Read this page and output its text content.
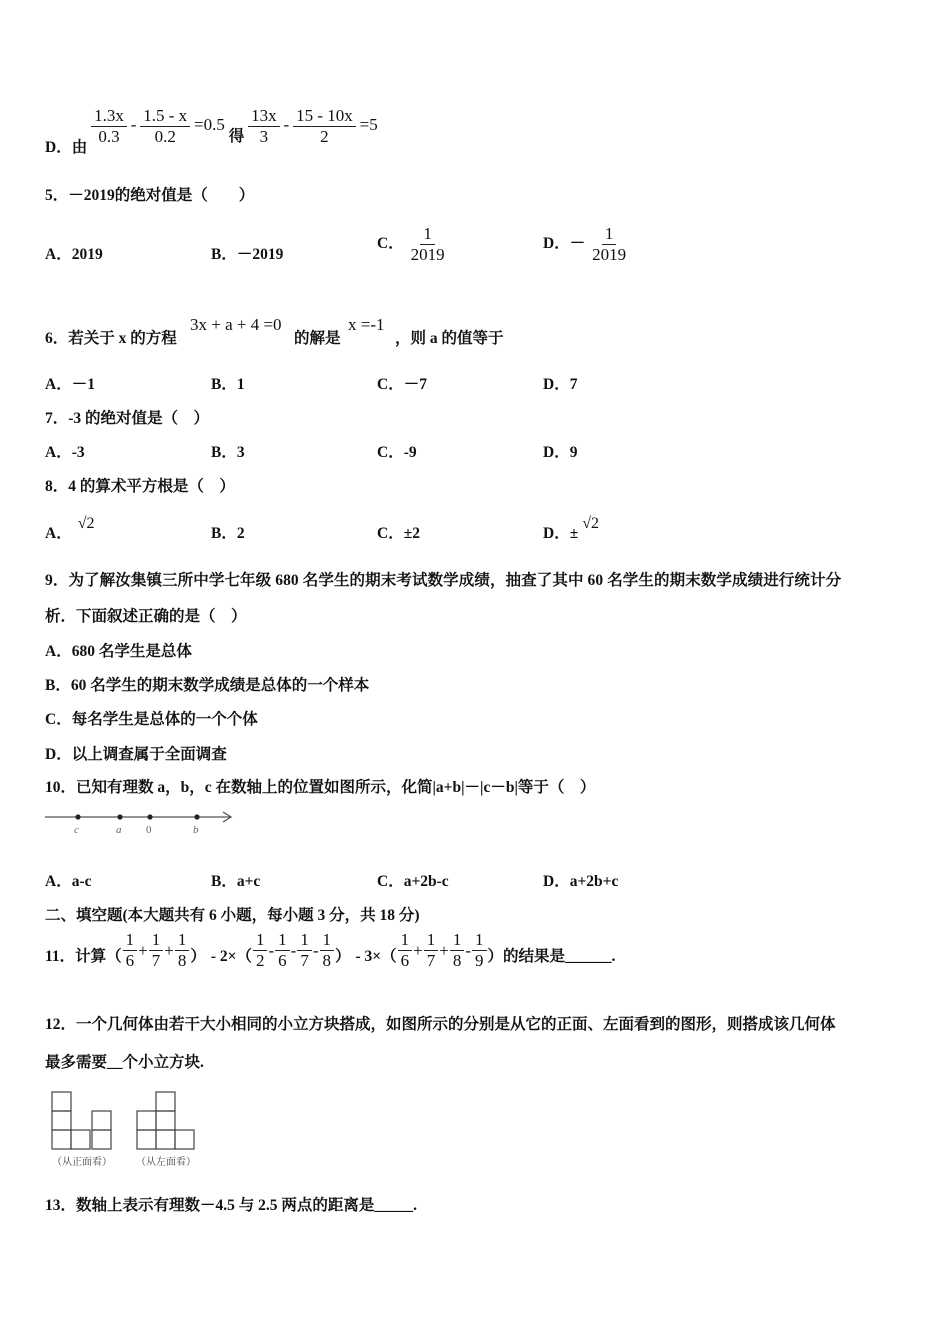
D．由
$\frac{1.3x}{0.3} - \frac{1.5 - x}{0.2} =0.5$ 得 $\frac{13x}{3} - \frac{15 - 10x}{2} =5$
5．－2019的绝对值是（　　）
A．2019	B．－2019
C． $\frac{1}{2019}$	D．－ $\frac{1}{2019}$
6．若关于 x 的方程
3x + a + 4 =0
的解是
x =-1
，则 a 的值等于
A．－1	B．1	C．－7	D．7
7．-3 的绝对值是（　）
A．-3	B．3	C．-9	D．9
8．4 的算术平方根是（　）
A．√2
B．2	C．±2	D．±√2
9．为了解汝集镇三所中学七年级 680 名学生的期末考试数学成绩，抽查了其中 60 名学生的期末数学成绩进行统计分
析．下面叙述正确的是（　）
A．680 名学生是总体
B．60 名学生的期末数学成绩是总体的一个样本
C．每名学生是总体的一个个体
D．以上调查属于全面调查
10．已知有理数 a，b，c 在数轴上的位置如图所示，化简|a+b|－|c－b|等于（　）
c	a 0	b
A．a-c	B．a+c	C．a+2b-c	D．a+2b+c
二、填空题(本大题共有 6 小题，每小题 3 分，共 18 分)
11．计算（ $\frac{1}{6} + \frac{1}{7} + \frac{1}{8}$ ） - $2\times( \frac{1}{2} - \frac{1}{6} - \frac{1}{7} - \frac{1}{8}$ ） - $3\times( \frac{1}{6} + \frac{1}{7} + \frac{1}{8} - \frac{1}{9}$ ）的结果是______.
12．一个几何体由若干大小相同的小立方块搭成，如图所示的分别是从它的正面、左面看到的图形，则搭成该几何体
最多需要__个小立方块.
（从正面看） （从左面看）
13．数轴上表示有理数－4.5 与 2.5 两点的距离是_____.
